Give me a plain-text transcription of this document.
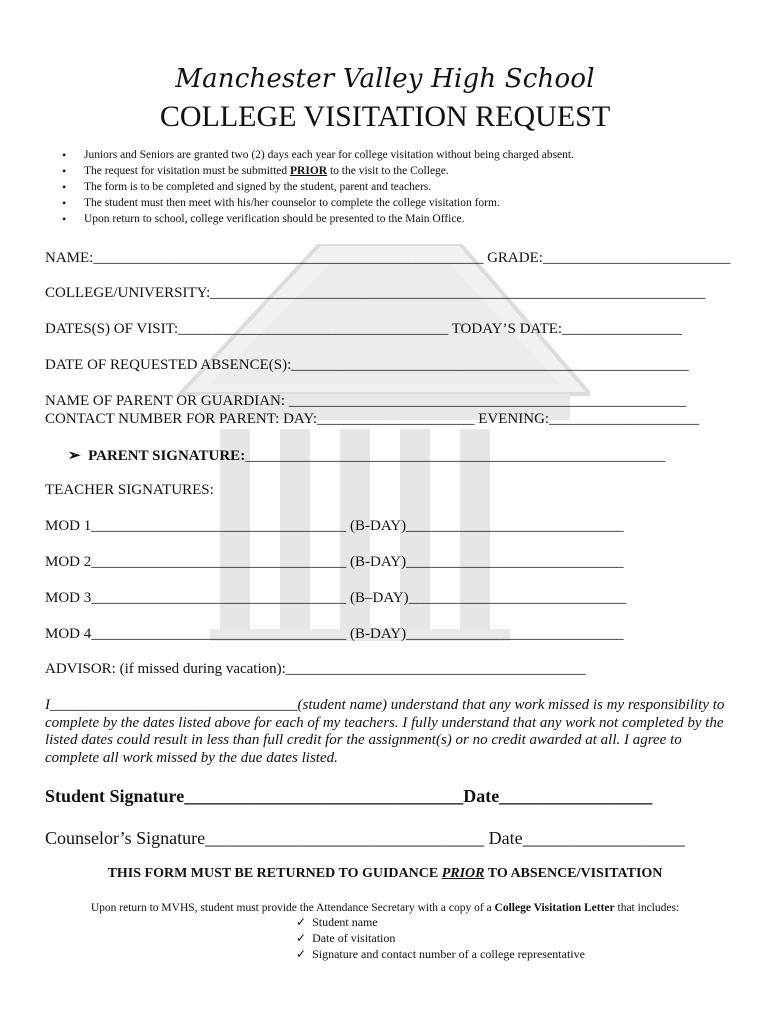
Manchester Valley High School
COLLEGE VISITATION REQUEST
• Juniors and Seniors are granted two (2) days each year for college visitation without being charged absent.
• The request for visitation must be submitted PRIOR to the visit to the College.
• The form is to be completed and signed by the student, parent and teachers.
• The student must then meet with his/her counselor to complete the college visitation form.
• Upon return to school, college verification should be presented to the Main Office.
NAME:____________________________________________________ GRADE:_________________________
COLLEGE/UNIVERSITY:__________________________________________________________________
DATES(S) OF VISIT:____________________________________ TODAY’S DATE:________________
DATE OF REQUESTED ABSENCE(S):_____________________________________________________
NAME OF PARENT OR GUARDIAN: _____________________________________________________
CONTACT NUMBER FOR PARENT: DAY:_____________________ EVENING:____________________
➢ PARENT SIGNATURE:________________________________________________________
TEACHER SIGNATURES:
MOD 1__________________________________ (B-DAY)_____________________________
MOD 2__________________________________ (B-DAY)_____________________________
MOD 3__________________________________ (B–DAY)_____________________________
MOD 4__________________________________ (B-DAY)_____________________________
ADVISOR: (if missed during vacation):________________________________________
I_________________________________(student name) understand that any work missed is my responsibility to complete by the dates listed above for each of my teachers. I fully understand that any work not completed by the listed dates could result in less than full credit for the assignment(s) or no credit awarded at all. I agree to complete all work missed by the due dates listed.
Student Signature_______________________________Date_________________
Counselor’s Signature_______________________________ Date__________________
THIS FORM MUST BE RETURNED TO GUIDANCE PRIOR TO ABSENCE/VISITATION
Upon return to MVHS, student must provide the Attendance Secretary with a copy of a College Visitation Letter that includes:
✓ Student name
✓ Date of visitation
✓ Signature and contact number of a college representative
